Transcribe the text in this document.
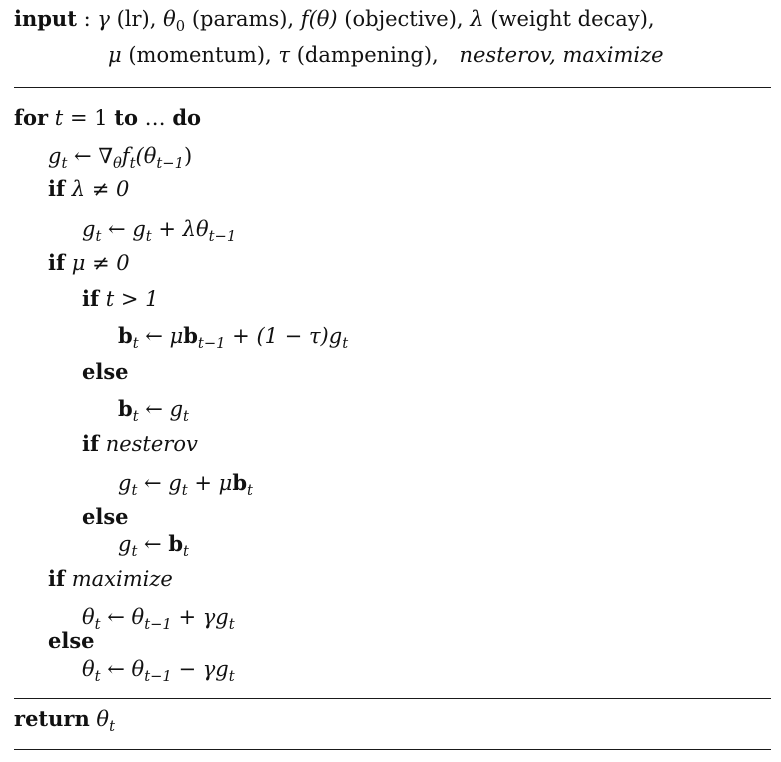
input : γ (lr), $\theta_0$ (params), f(θ) (objective), λ (weight decay),
μ (momentum), τ (dampening), nesterov, maximize
for t = 1 to … do
$g_t$ ← $\nabla_\theta f_t(\theta_{t-1})$
if λ ≠ 0
$g_t$ ← $g_t + \lambda\theta_{t-1}$
if μ ≠ 0
if t > 1
$b_t$ ← $\mu b_{t-1} + (1 - \tau)g_t$
else
$b_t$ ← $g_t$
if nesterov
$g_t$ ← $g_t + \mu b_t$
else
$g_t$ ← $b_t$
if maximize
$\theta_t$ ← $\theta_{t-1} + \gamma g_t$
else
$\theta_t$ ← $\theta_{t-1} - \gamma g_t$
return $\theta_t$
